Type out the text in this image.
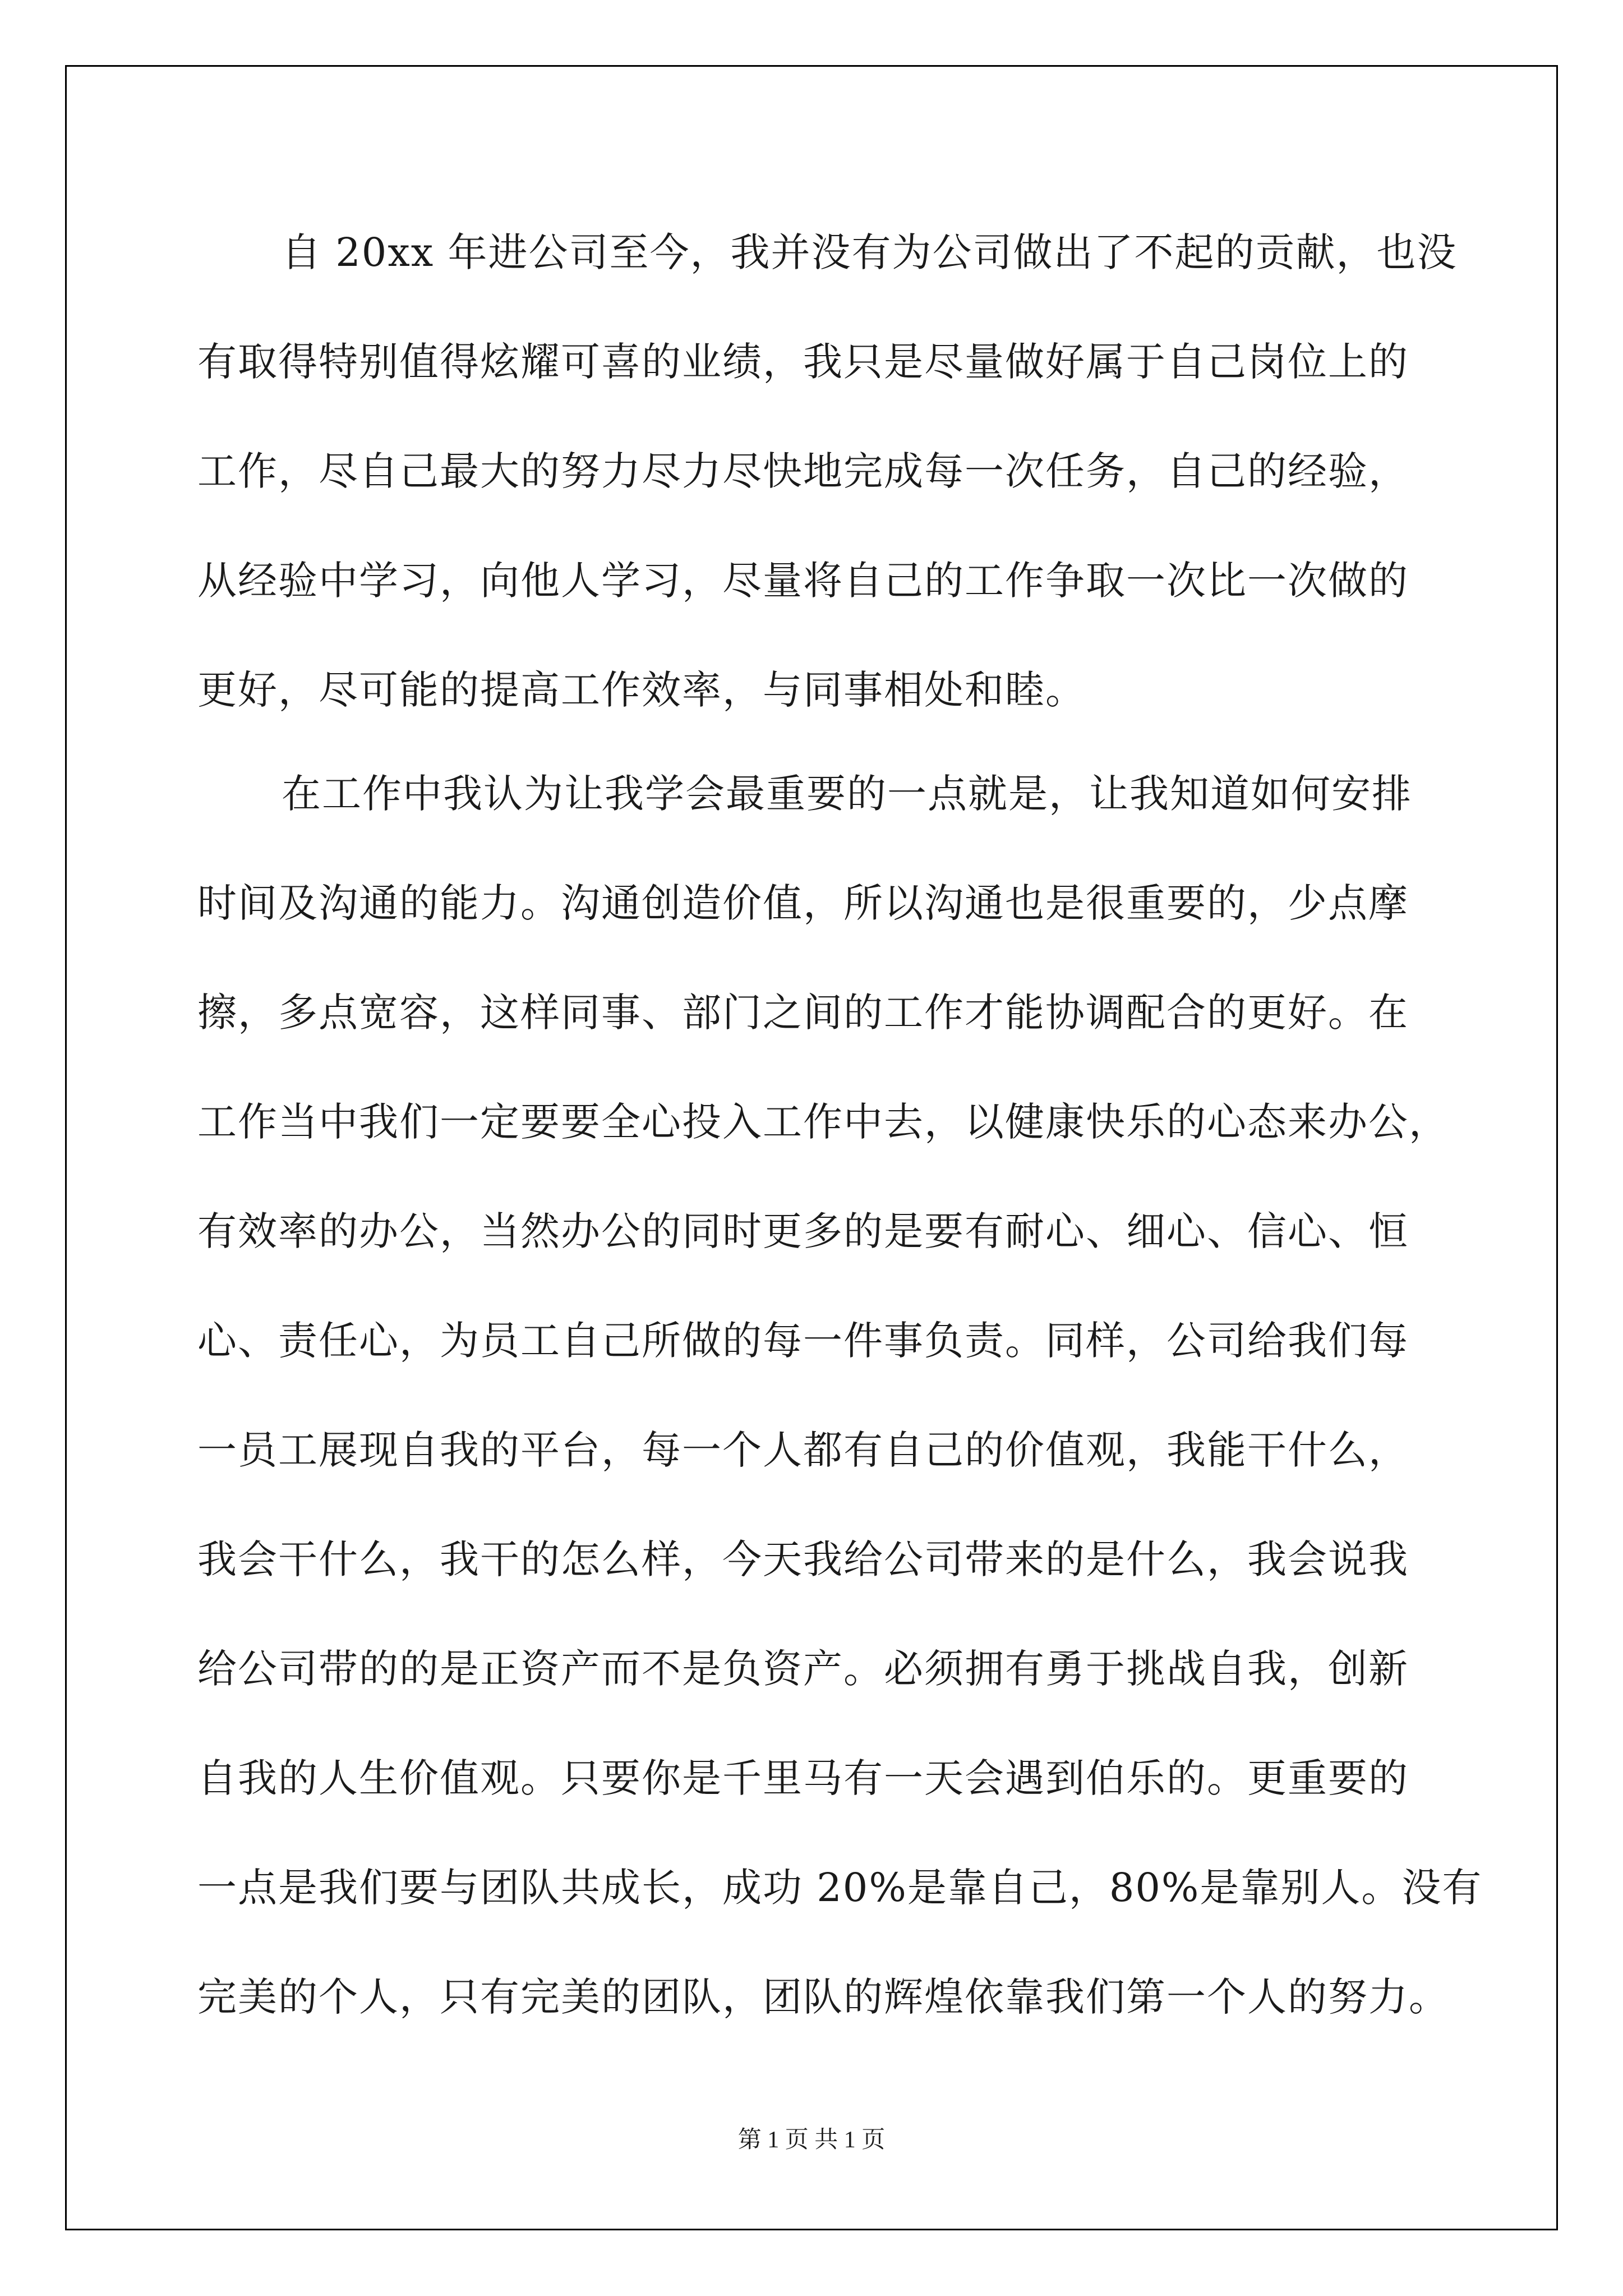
自 20xx 年进公司至今，我并没有为公司做出了不起的贡献，也没
有取得特别值得炫耀可喜的业绩，我只是尽量做好属于自己岗位上的
工作，尽自己最大的努力尽力尽快地完成每一次任务，自己的经验，
从经验中学习，向他人学习，尽量将自己的工作争取一次比一次做的
更好，尽可能的提高工作效率，与同事相处和睦。
在工作中我认为让我学会最重要的一点就是，让我知道如何安排
时间及沟通的能力。沟通创造价值，所以沟通也是很重要的，少点摩
擦，多点宽容，这样同事、部门之间的工作才能协调配合的更好。在
工作当中我们一定要要全心投入工作中去，以健康快乐的心态来办公，
有效率的办公，当然办公的同时更多的是要有耐心、细心、信心、恒
心、责任心，为员工自己所做的每一件事负责。同样，公司给我们每
一员工展现自我的平台，每一个人都有自己的价值观，我能干什么，
我会干什么，我干的怎么样，今天我给公司带来的是什么，我会说我
给公司带的的是正资产而不是负资产。必须拥有勇于挑战自我，创新
自我的人生价值观。只要你是千里马有一天会遇到伯乐的。更重要的
一点是我们要与团队共成长，成功 20%是靠自己，80%是靠别人。没有
完美的个人，只有完美的团队，团队的辉煌依靠我们第一个人的努力。
第 1 页 共 1 页
